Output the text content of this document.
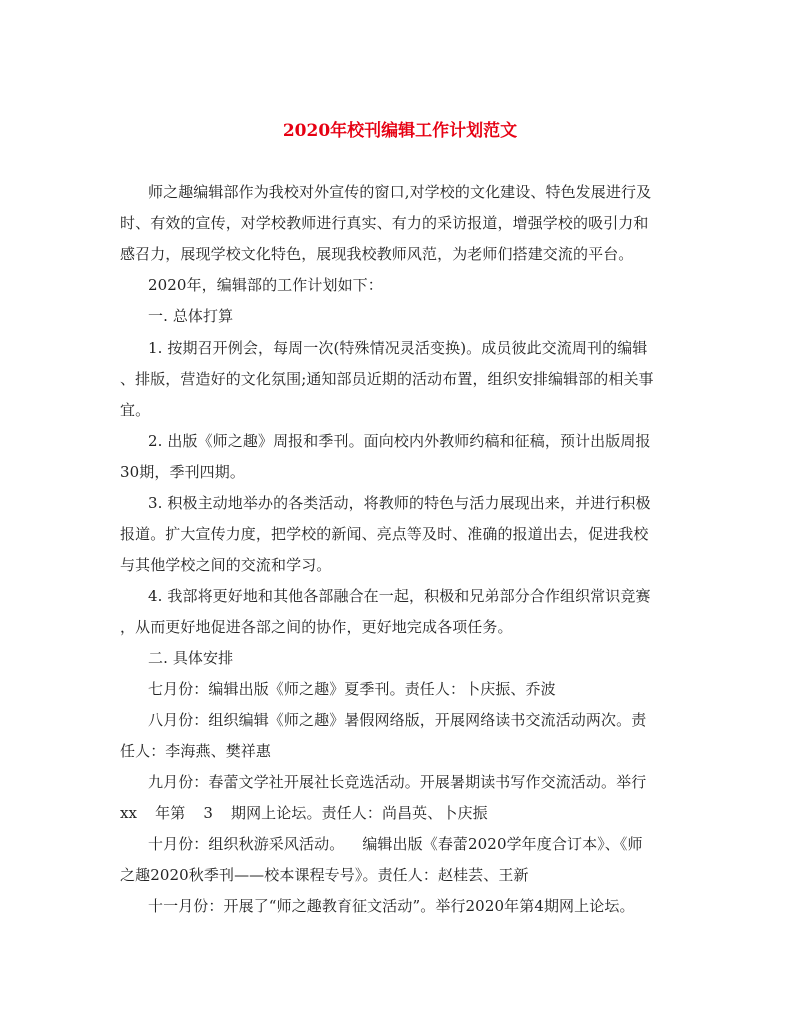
2020年校刊编辑工作计划范文
师之趣编辑部作为我校对外宣传的窗口,对学校的文化建设、特色发展进行及
时、有效的宣传，对学校教师进行真实、有力的采访报道，增强学校的吸引力和
感召力，展现学校文化特色，展现我校教师风范，为老师们搭建交流的平台。
2020年，编辑部的工作计划如下：
一. 总体打算
1. 按期召开例会，每周一次(特殊情况灵活变换)。成员彼此交流周刊的编辑
、排版，营造好的文化氛围;通知部员近期的活动布置，组织安排编辑部的相关事
宜。
2. 出版《师之趣》周报和季刊。面向校内外教师约稿和征稿，预计出版周报
30期，季刊四期。
3. 积极主动地举办的各类活动，将教师的特色与活力展现出来，并进行积极
报道。扩大宣传力度，把学校的新闻、亮点等及时、准确的报道出去，促进我校
与其他学校之间的交流和学习。
4. 我部将更好地和其他各部融合在一起，积极和兄弟部分合作组织常识竞赛
，从而更好地促进各部之间的协作，更好地完成各项任务。
二. 具体安排
七月份：编辑出版《师之趣》夏季刊。责任人：卜庆振、乔波
八月份：组织编辑《师之趣》暑假网络版，开展网络读书交流活动两次。责
任人：李海燕、樊祥惠
九月份：春蕾文学社开展社长竞选活动。开展暑期读书写作交流活动。举行
xx 年第 3 期网上论坛。责任人：尚昌英、卜庆振
十月份：组织秋游采风活动。 编辑出版《春蕾2020学年度合订本》、《师
之趣2020秋季刊——校本课程专号》。责任人：赵桂芸、王新
十一月份：开展了“师之趣教育征文活动”。举行2020年第4期网上论坛。
